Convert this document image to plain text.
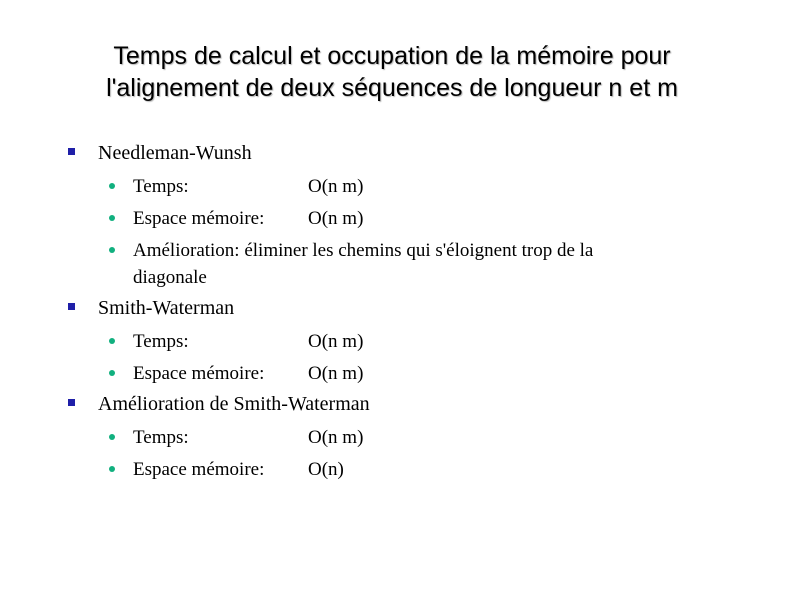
Temps de calcul et occupation de la mémoire pour
l'alignement de deux séquences de longueur n et m
Needleman-Wunsh
Temps:	O(n m)
Espace mémoire: O(n m)
Amélioration: éliminer les chemins qui s'éloignent trop de la
diagonale
Smith-Waterman
Temps:	O(n m)
Espace mémoire: O(n m)
Amélioration de Smith-Waterman
Temps:	O(n m)
Espace mémoire: O(n)
